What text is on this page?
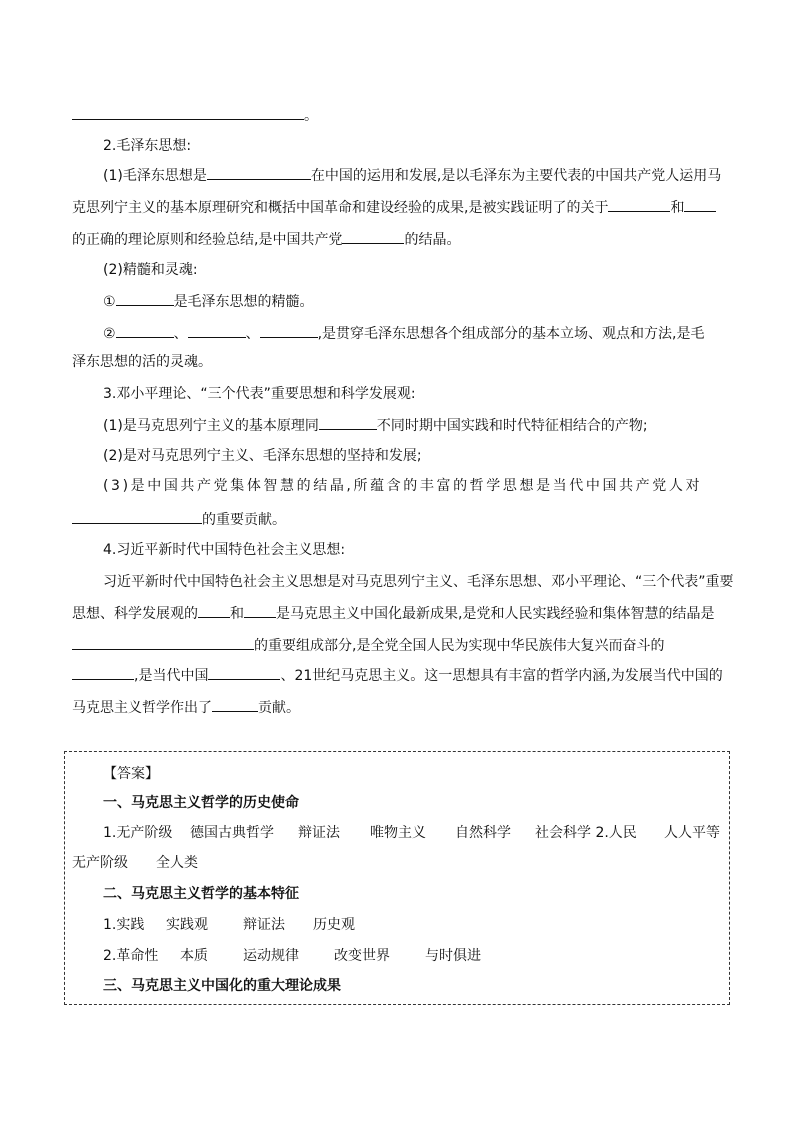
。
2.毛泽东思想:
(1)毛泽东思想是	在中国的运用和发展,是以毛泽东为主要代表的中国共产党人运用马
克思列宁主义的基本原理研究和概括中国革命和建设经验的成果,是被实践证明了的关于	和
的正确的理论原则和经验总结,是中国共产党	的结晶。
(2)精髓和灵魂:
①	是毛泽东思想的精髓。
②	、	、	,是贯穿毛泽东思想各个组成部分的基本立场、观点和方法,是毛
泽东思想的活的灵魂。
3.邓小平理论、“三个代表”重要思想和科学发展观:
(1)是马克思列宁主义的基本原理同	不同时期中国实践和时代特征相结合的产物;
(2)是对马克思列宁主义、毛泽东思想的坚持和发展;
(3)是中国共产党集体智慧的结晶,所蕴含的丰富的哲学思想是当代中国共产党人对
的重要贡献。
4.习近平新时代中国特色社会主义思想:
习近平新时代中国特色社会主义思想是对马克思列宁主义、毛泽东思想、邓小平理论、“三个代表”重要
思想、科学发展观的 和 是马克思主义中国化最新成果,是党和人民实践经验和集体智慧的结晶是
的重要组成部分,是全党全国人民为实现中华民族伟大复兴而奋斗的
,是当代中国	、21世纪马克思主义。这一思想具有丰富的哲学内涵,为发展当代中国的
马克思主义哲学作出了	贡献。
【答案】
一、马克思主义哲学的历史使命
1.无产阶级 德国古典哲学 辩证法 唯物主义 自然科学 社会科学 2.人民 人人平等
无产阶级 全人类
二、马克思主义哲学的基本特征
1.实践 实践观	辩证法 历史观
2.革命性 本质	运动规律	改变世界	与时俱进
三、马克思主义中国化的重大理论成果
